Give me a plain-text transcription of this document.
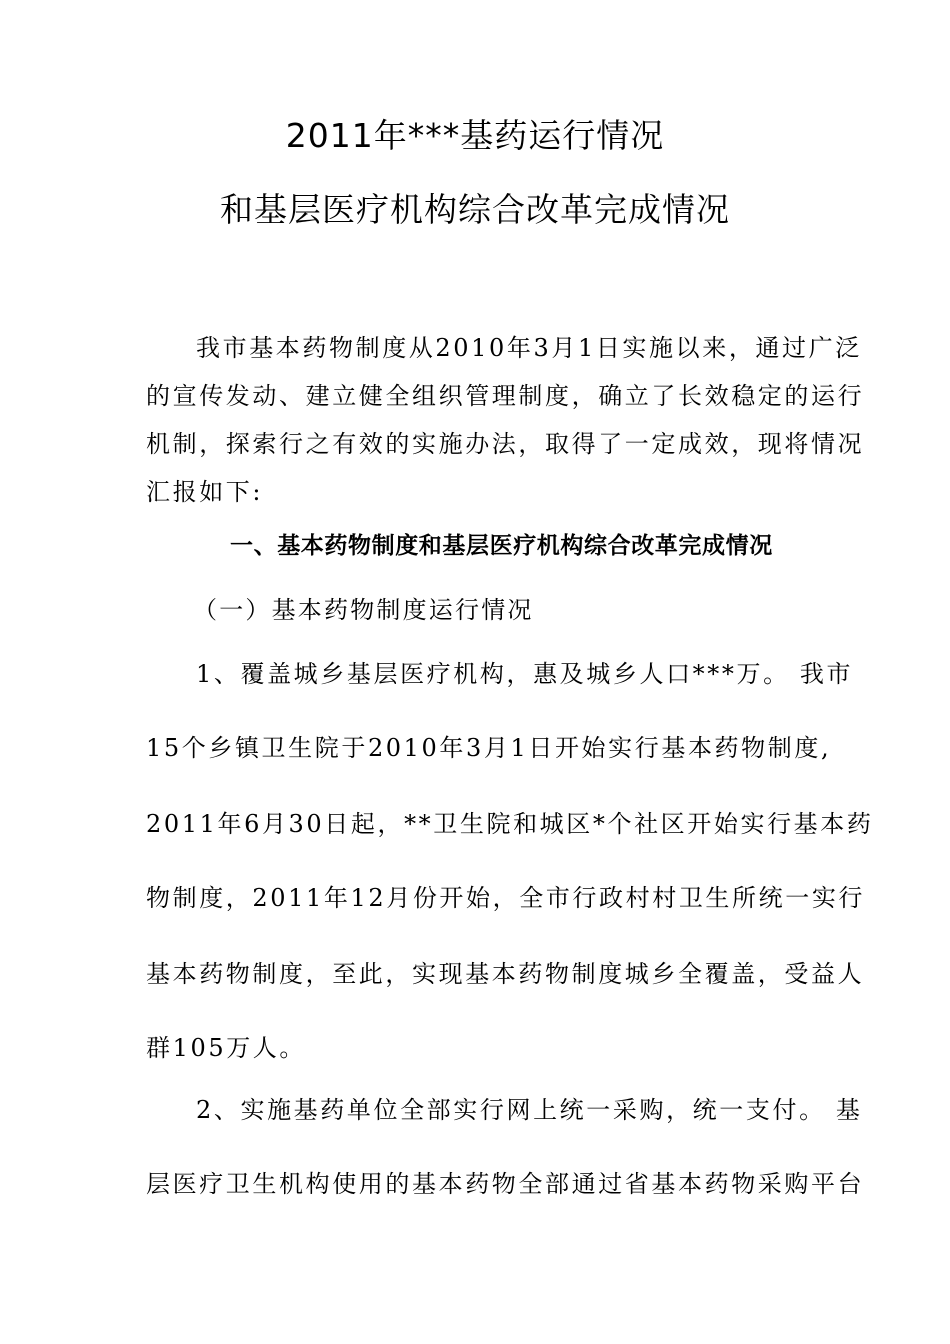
2011年***基药运行情况
和基层医疗机构综合改革完成情况
我市基本药物制度从2010年3月1日实施以来，通过广泛
的宣传发动、建立健全组织管理制度，确立了长效稳定的运行
机制，探索行之有效的实施办法，取得了一定成效，现将情况
汇报如下:
一、基本药物制度和基层医疗机构综合改革完成情况
（一）基本药物制度运行情况
1、覆盖城乡基层医疗机构，惠及城乡人口***万。 我市
15个乡镇卫生院于2010年3月1日开始实行基本药物制度,
2011年6月30日起，**卫生院和城区*个社区开始实行基本药
物制度，2011年12月份开始，全市行政村村卫生所统一实行
基本药物制度，至此，实现基本药物制度城乡全覆盖，受益人
群105万人。
2、实施基药单位全部实行网上统一采购，统一支付。 基
层医疗卫生机构使用的基本药物全部通过省基本药物采购平台
